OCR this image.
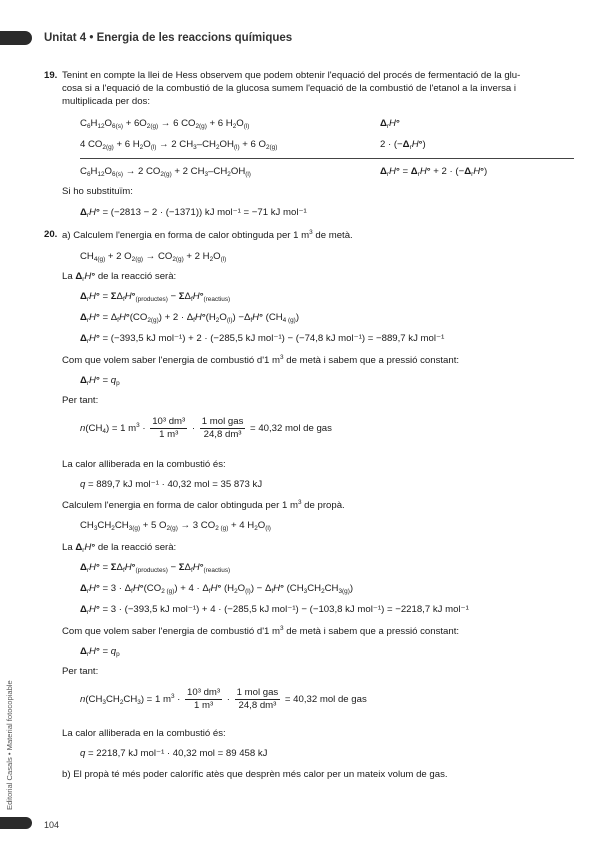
Unitat 4 • Energia de les reaccions químiques
Editorial Casals • Material fotocopiable
104
19. Tenint en compte la llei de Hess observem que podem obtenir l'equació del procés de fermentació de la glu-
cosa si a l'equació de la combustió de la glucosa sumem l'equació de la combustió de l'etanol a la inversa i
multiplicada per dos:
$C_6H_{12}O_{6(s)} + 6O_{2(g)} \to 6$ $CO_{2(g)} + 6$ $H_2O_{(l)}$	$\Delta_rH^\circ$
4 $CO_{2(g)} + 6$ $H_2O_{(l)} \to 2$ $CH_3-CH_2OH_{(l)} + 6$ $O_{2(g)}$	$2 \cdot (-\Delta_rH^\circ)$
$C_6H_{12}O_{6(s)} \to 2$ $CO_{2(g)} + 2$ $CH_3-CH_2OH_{(l)}$	$\Delta_rH^\circ = \Delta_rH^\circ + 2 \cdot (-\Delta_rH^\circ)$
Si ho substituïm:
$\Delta_rH^\circ = (-2813 - 2 \cdot (-1371))$ kJ mol⁻¹ = −71 kJ mol⁻¹
20. a) Calculem l'energia en forma de calor obtinguda per 1 $m^3$ de metà.
$CH_{4(g)} + 2$ $O_{2(g)} \to CO_{2(g)} + 2$ $H_2O_{(l)}$
La $\Delta_rH^\circ$ de la reacció serà:
$\Delta_rH^\circ = \Sigma\Delta_fH^\circ_{(productes)} - \Sigma\Delta_fH^\circ_{(reactius)}$
$\Delta_rH^\circ = \Delta_fH^\circ(CO_{2(g)}) + 2 \cdot \Delta_fH^\circ(H_2O_{(l)}) -\Delta_fH^\circ$ $(CH_{4 (g)})$
$\Delta_rH^\circ = (-393,5$ kJ mol⁻¹) + 2 · (−285,5 kJ mol⁻¹) − (−74,8 kJ mol⁻¹) = −889,7 kJ mol⁻¹
Com que volem saber l'energia de combustió d'1 $m^3$ de metà i sabem que a pressió constant:
$\Delta_rH^\circ = q_p$
Per tant:
$n(CH_4) = 1$ $m^3 \cdot \frac{\text{10³ dm³}}{\text{1 m³}} \cdot \frac{\text{1 mol gas}}{\text{24,8 dm³}} = 40,32$ mol de gas
La calor alliberada en la combustió és:
q = 889,7 kJ mol⁻¹ · 40,32 mol = 35 873 kJ
Calculem l'energia en forma de calor obtinguda per 1 $m^3$ de propà.
$CH_3CH_2CH_{3(g)} + 5$ $O_{2(g)} \to 3$ $CO_{2 (g)} + 4$ $H_2O_{(l)}$
La $\Delta_rH^\circ$ de la reacció serà:
$\Delta_rH^\circ = \Sigma\Delta_fH^\circ_{(productes)} - \Sigma\Delta_fH^\circ_{(reactius)}$
$\Delta_rH^\circ = 3 \cdot \Delta_fH^\circ(CO_{2 (g)}) + 4 \cdot \Delta_fH^\circ$ $(H_2O_{(l)}) - \Delta_fH^\circ$ $(CH_3CH_2CH_{3(g)})$
$\Delta_rH^\circ = 3 \cdot (-393,5$ kJ mol⁻¹) + 4 · (−285,5 kJ mol⁻¹) − (−103,8 kJ mol⁻¹) = −2218,7 kJ mol⁻¹
Com que volem saber l'energia de combustió d'1 $m^3$ de metà i sabem que a pressió constant:
$\Delta_rH^\circ = q_p$
Per tant:
$n(CH_3CH_2CH_3) = 1$ $m^3 \cdot \frac{\text{10³ dm³}}{\text{1 m³}} \cdot \frac{\text{1 mol gas}}{\text{24,8 dm³}} = 40,32$ mol de gas
La calor alliberada en la combustió és:
q = 2218,7 kJ mol⁻¹ · 40,32 mol = 89 458 kJ
b) El propà té més poder calorífic atès que desprèn més calor per un mateix volum de gas.
